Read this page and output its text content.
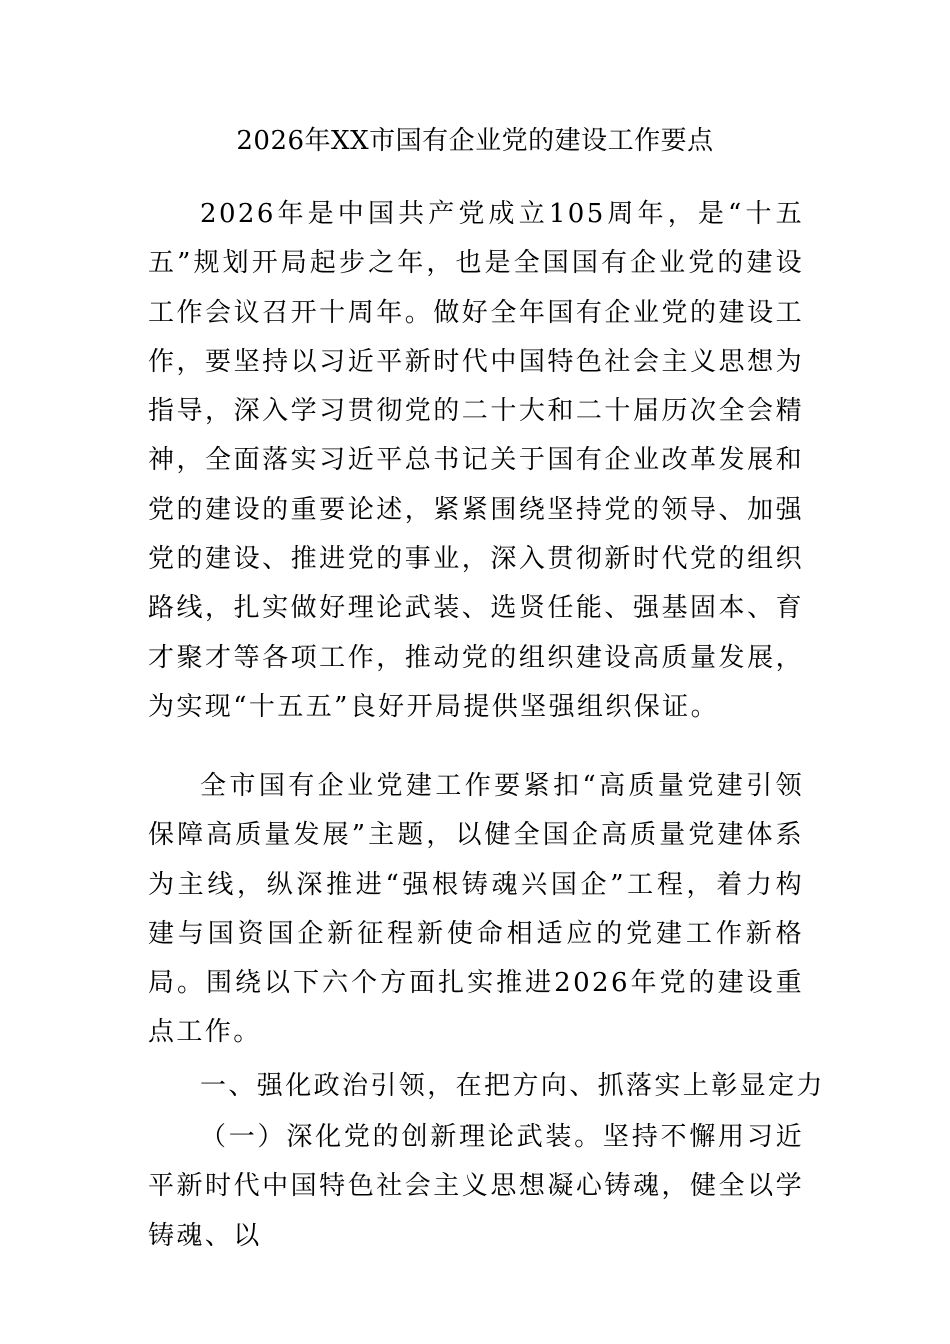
2026年XX市国有企业党的建设工作要点

2026年是中国共产党成立105周年，是“十五五”规划开局起步之年，也是全国国有企业党的建设工作会议召开十周年。做好全年国有企业党的建设工作，要坚持以习近平新时代中国特色社会主义思想为指导，深入学习贯彻党的二十大和二十届历次全会精神，全面落实习近平总书记关于国有企业改革发展和党的建设的重要论述，紧紧围绕坚持党的领导、加强党的建设、推进党的事业，深入贯彻新时代党的组织路线，扎实做好理论武装、选贤任能、强基固本、育才聚才等各项工作，推动党的组织建设高质量发展，为实现“十五五”良好开局提供坚强组织保证。

全市国有企业党建工作要紧扣“高质量党建引领保障高质量发展”主题，以健全国企高质量党建体系为主线，纵深推进“强根铸魂兴国企”工程，着力构建与国资国企新征程新使命相适应的党建工作新格局。围绕以下六个方面扎实推进2026年党的建设重点工作。

一、强化政治引领，在把方向、抓落实上彰显定力

（一）深化党的创新理论武装。坚持不懈用习近平新时代中国特色社会主义思想凝心铸魂，健全以学铸魂、以
